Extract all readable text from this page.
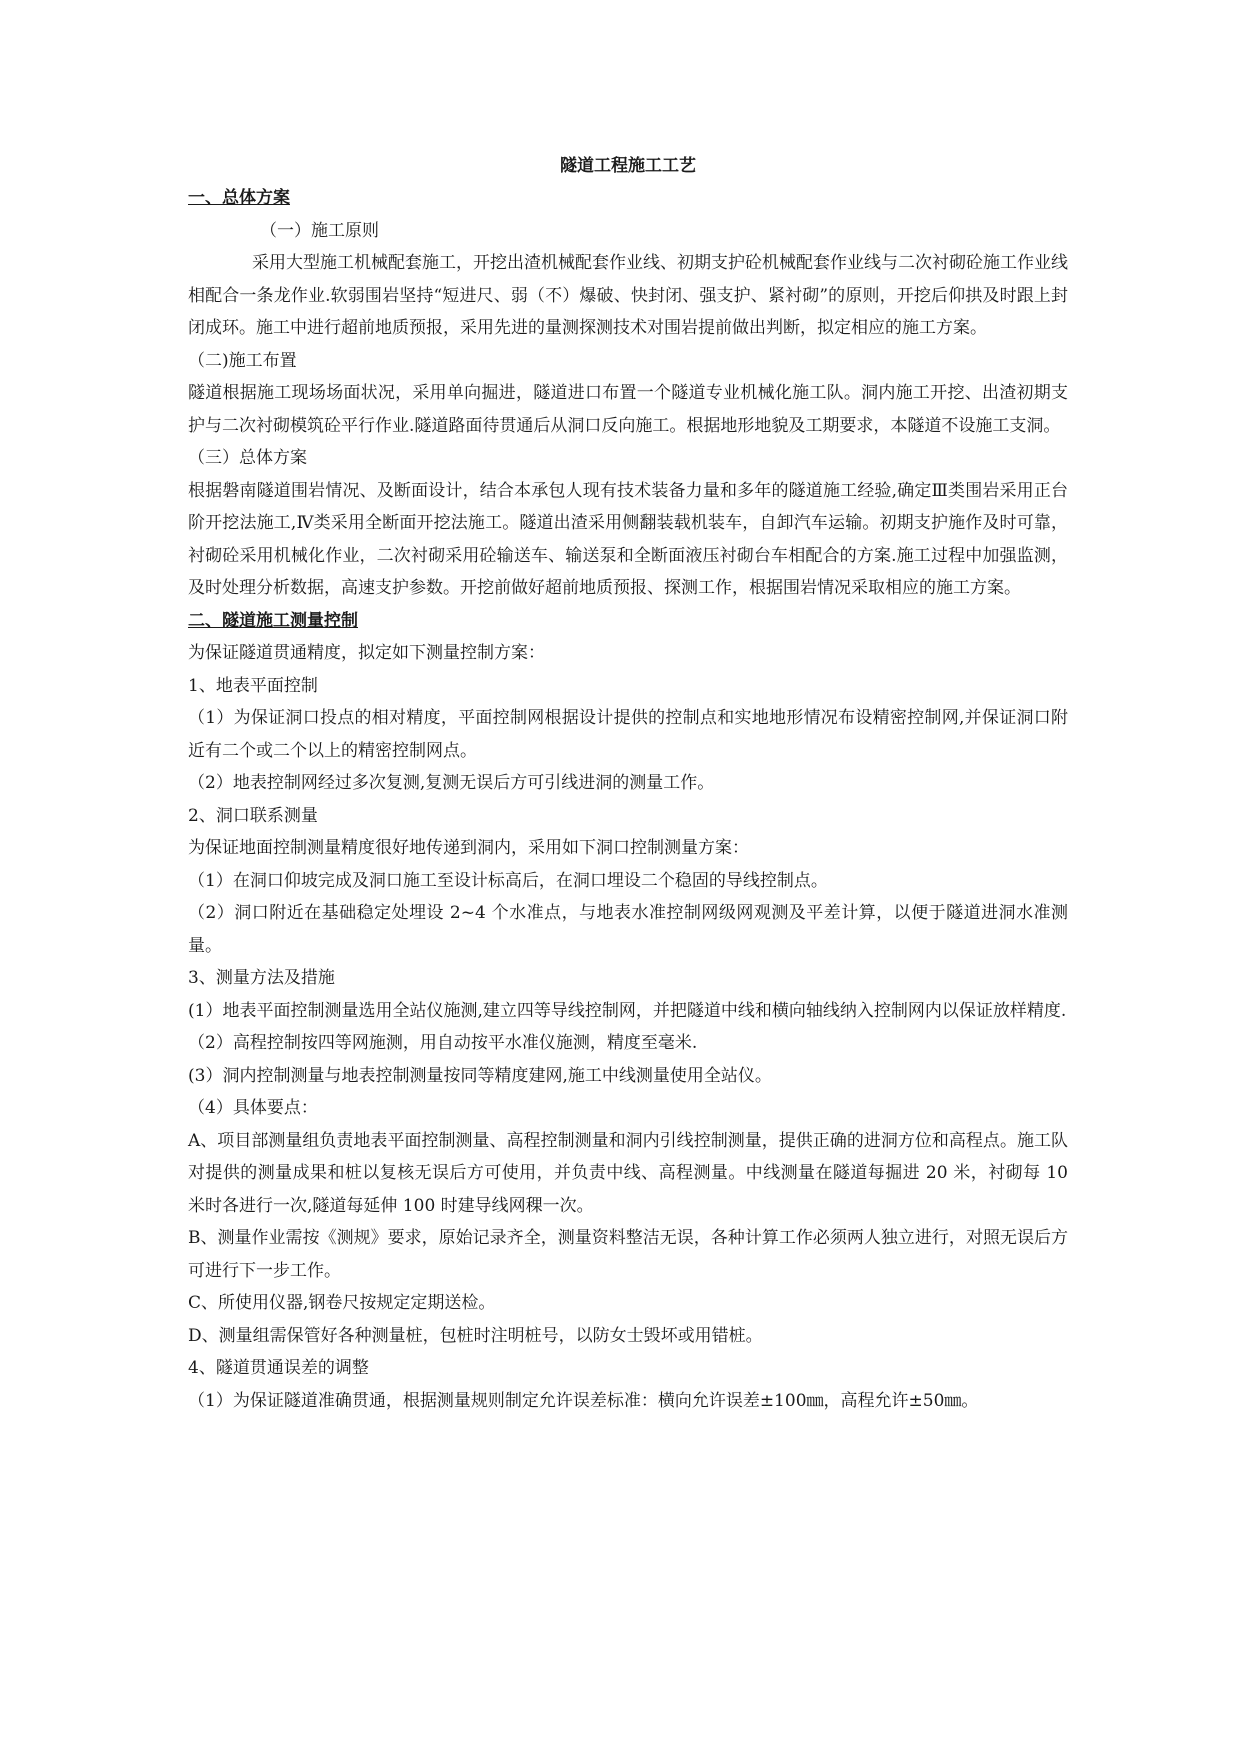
隧道工程施工工艺
一、总体方案
（一）施工原则
采用大型施工机械配套施工，开挖出渣机械配套作业线、初期支护砼机械配套作业线与二次衬砌砼施工作业线相配合一条龙作业.软弱围岩坚持“短进尺、弱（不）爆破、快封闭、强支护、紧衬砌”的原则，开挖后仰拱及时跟上封闭成环。施工中进行超前地质预报，采用先进的量测探测技术对围岩提前做出判断，拟定相应的施工方案。
（二)施工布置
隧道根据施工现场场面状况，采用单向掘进，隧道进口布置一个隧道专业机械化施工队。洞内施工开挖、出渣初期支护与二次衬砌模筑砼平行作业.隧道路面待贯通后从洞口反向施工。根据地形地貌及工期要求，本隧道不设施工支洞。
（三）总体方案
根据磐南隧道围岩情况、及断面设计，结合本承包人现有技术装备力量和多年的隧道施工经验,确定Ⅲ类围岩采用正台阶开挖法施工,Ⅳ类采用全断面开挖法施工。隧道出渣采用侧翻装载机装车，自卸汽车运输。初期支护施作及时可靠，衬砌砼采用机械化作业，二次衬砌采用砼输送车、输送泵和全断面液压衬砌台车相配合的方案.施工过程中加强监测，及时处理分析数据，高速支护参数。开挖前做好超前地质预报、探测工作，根据围岩情况采取相应的施工方案。
二、隧道施工测量控制
为保证隧道贯通精度，拟定如下测量控制方案：
1、地表平面控制
（1）为保证洞口投点的相对精度，平面控制网根据设计提供的控制点和实地地形情况布设精密控制网,并保证洞口附近有二个或二个以上的精密控制网点。
（2）地表控制网经过多次复测,复测无误后方可引线进洞的测量工作。
2、洞口联系测量
为保证地面控制测量精度很好地传递到洞内，采用如下洞口控制测量方案：
（1）在洞口仰坡完成及洞口施工至设计标高后，在洞口埋设二个稳固的导线控制点。
（2）洞口附近在基础稳定处埋设 2~4 个水准点，与地表水准控制网级网观测及平差计算，以便于隧道进洞水准测量。
3、测量方法及措施
(1）地表平面控制测量选用全站仪施测,建立四等导线控制网，并把隧道中线和横向轴线纳入控制网内以保证放样精度.
（2）高程控制按四等网施测，用自动按平水准仪施测，精度至毫米.
(3）洞内控制测量与地表控制测量按同等精度建网,施工中线测量使用全站仪。
（4）具体要点：
A、项目部测量组负责地表平面控制测量、高程控制测量和洞内引线控制测量，提供正确的进洞方位和高程点。施工队对提供的测量成果和桩以复核无误后方可使用，并负责中线、高程测量。中线测量在隧道每掘进 20 米，衬砌每 10 米时各进行一次,隧道每延伸 100 时建导线网稞一次。
B、测量作业需按《测规》要求，原始记录齐全，测量资料整洁无误，各种计算工作必须两人独立进行，对照无误后方可进行下一步工作。
C、所使用仪器,钢卷尺按规定定期送检。
D、测量组需保管好各种测量桩，包桩时注明桩号，以防女士毁坏或用错桩。
4、隧道贯通误差的调整
（1）为保证隧道准确贯通，根据测量规则制定允许误差标准：横向允许误差±100㎜，高程允许±50㎜。
